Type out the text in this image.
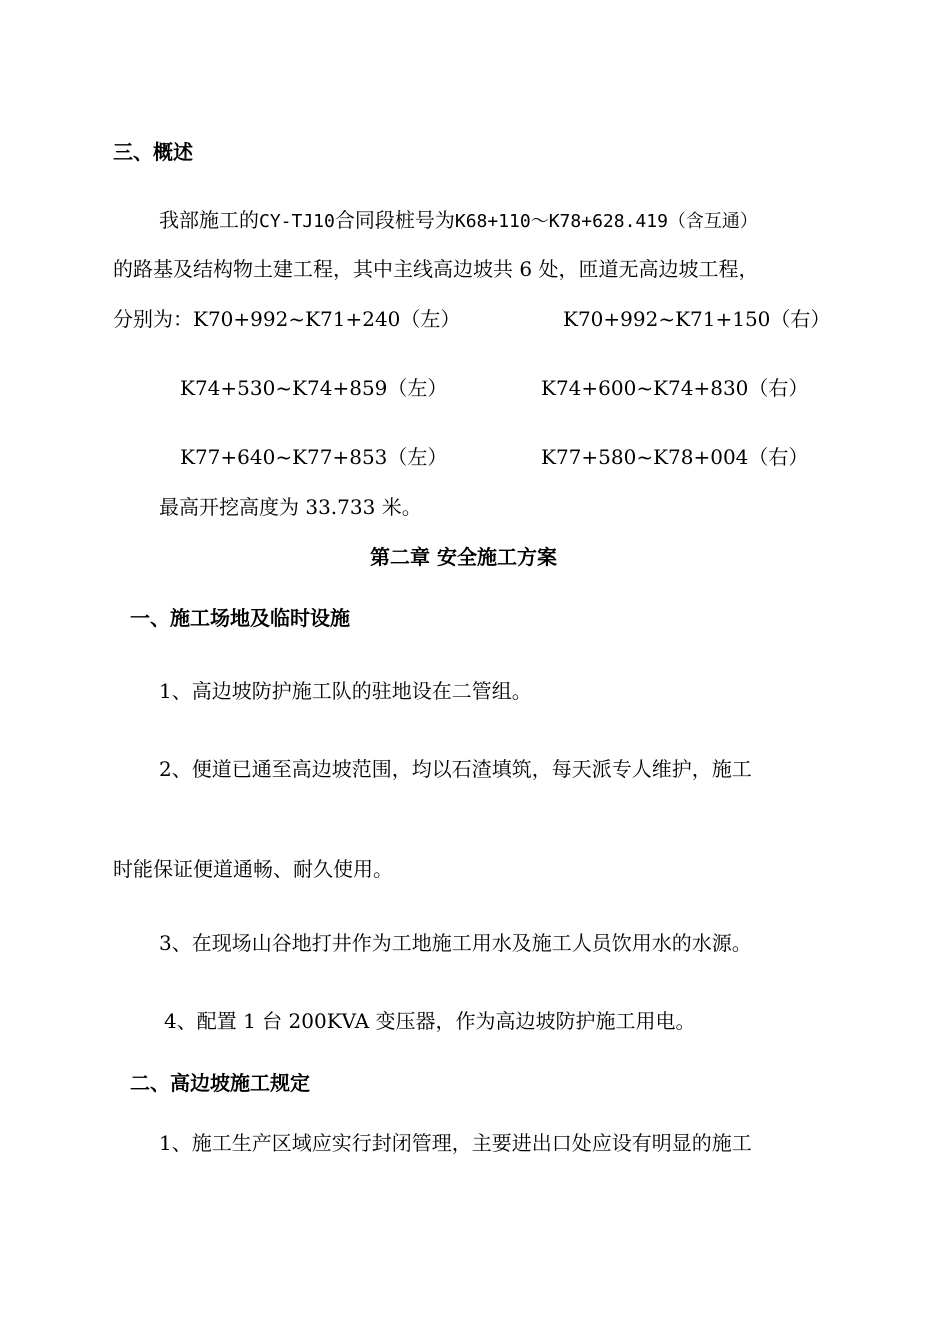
三、概述
我部施工的CY-TJ10合同段桩号为K68+110～K78+628.419（含互通）
的路基及结构物土建工程，其中主线高边坡共 6 处，匝道无高边坡工程，
分别为：K70+992~K71+240（左）	K70+992~K71+150（右）
K74+530~K74+859（左）	K74+600~K74+830（右）
K77+640~K77+853（左）	K77+580~K78+004（右）
最高开挖高度为 33.733 米。
第二章 安全施工方案
一、施工场地及临时设施
1、高边坡防护施工队的驻地设在二管组。
2、便道已通至高边坡范围，均以石渣填筑，每天派专人维护，施工
时能保证便道通畅、耐久使用。
3、在现场山谷地打井作为工地施工用水及施工人员饮用水的水源。
4、配置 1 台 200KVA 变压器，作为高边坡防护施工用电。
二、高边坡施工规定
1、施工生产区域应实行封闭管理，主要进出口处应设有明显的施工
